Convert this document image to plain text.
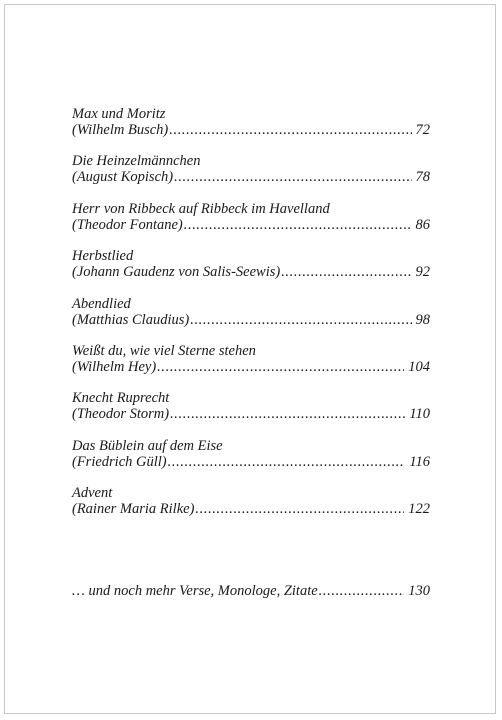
Max und Moritz
(Wilhelm Busch) .....	72
Die Heinzelmännchen
(August Kopisch) .....	78
Herr von Ribbeck auf Ribbeck im Havelland
(Theodor Fontane) .....	86
Herbstlied
(Johann Gaudenz von Salis-Seewis) .....	92
Abendlied
(Matthias Claudius) .....	98
Weißt du, wie viel Sterne stehen
(Wilhelm Hey) .....	104
Knecht Ruprecht
(Theodor Storm) .....	110
Das Büblein auf dem Eise
(Friedrich Güll) .....	116
Advent
(Rainer Maria Rilke) .....	122
… und noch mehr Verse, Monologe, Zitate .....	130
